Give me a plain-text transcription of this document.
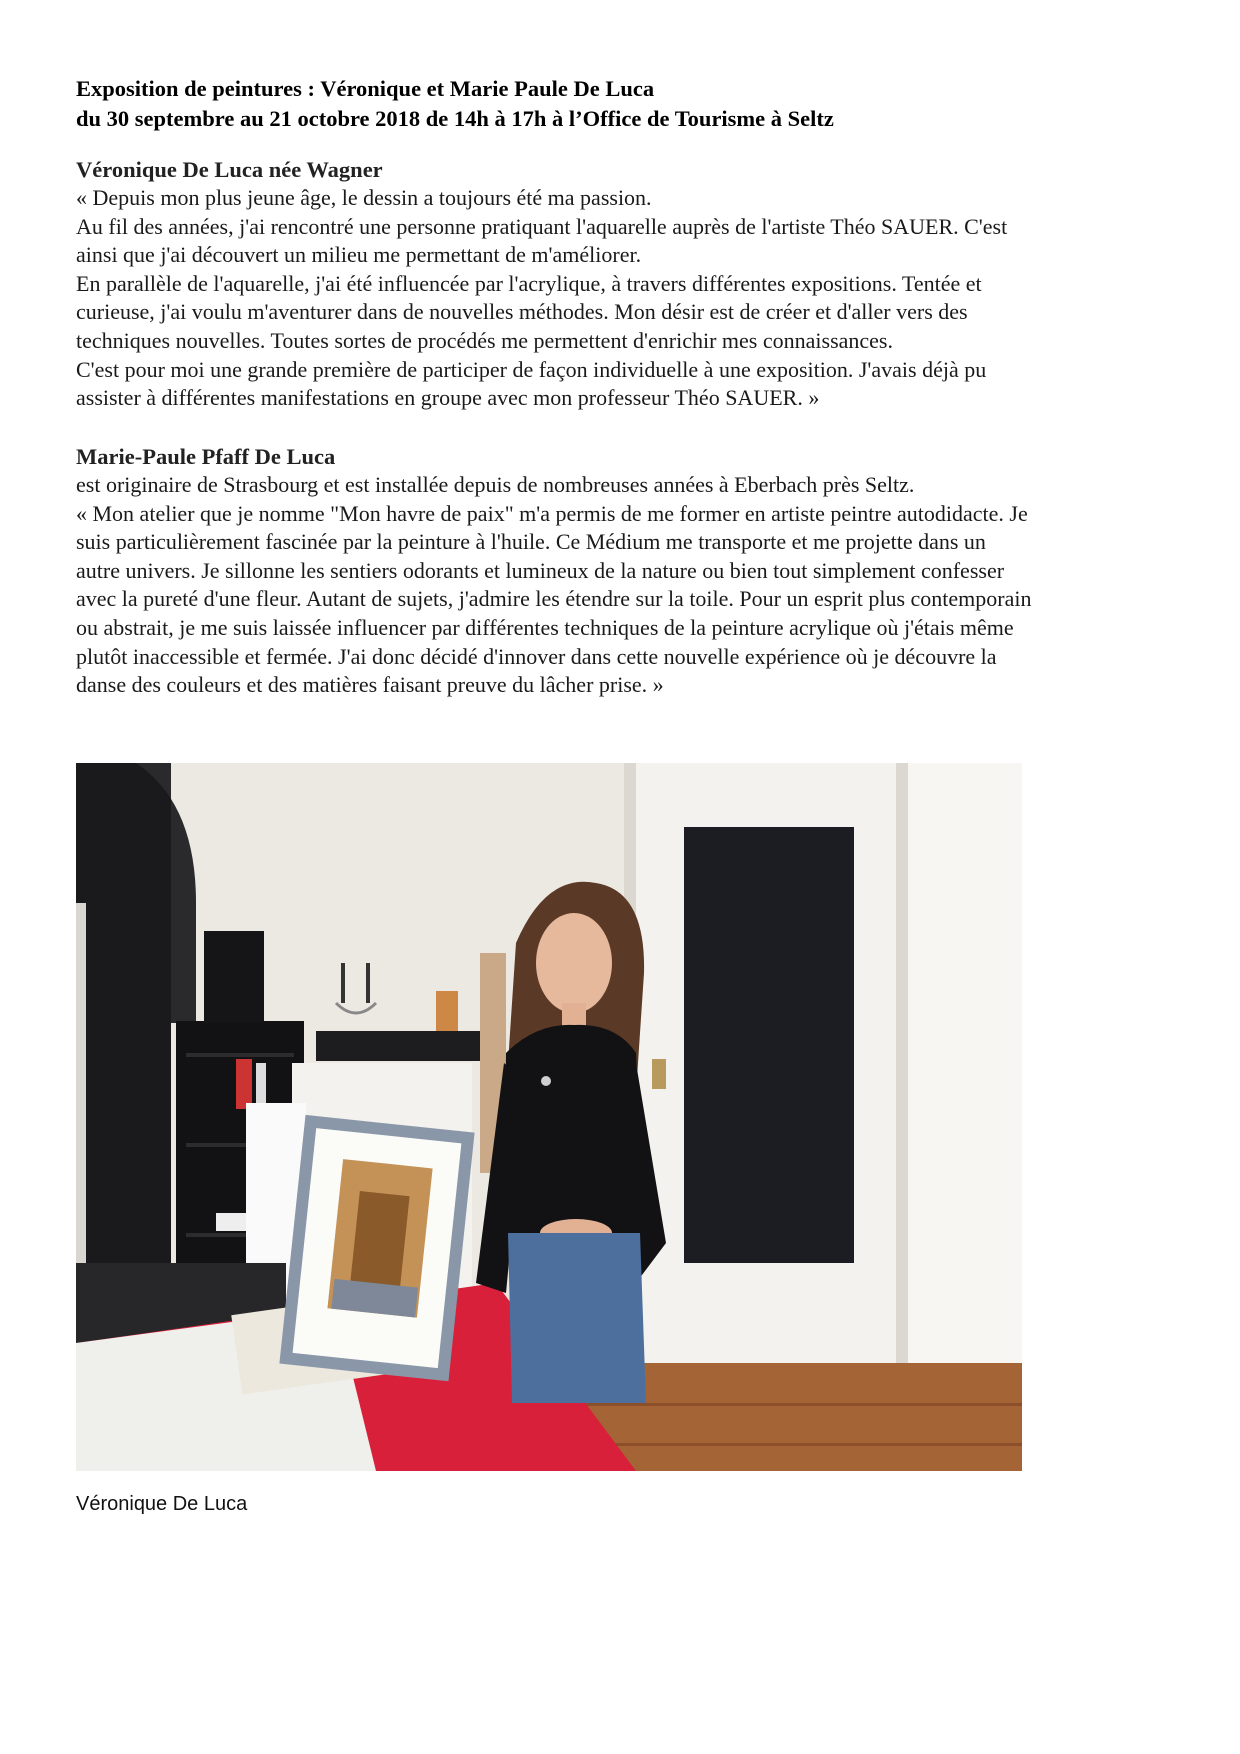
Exposition de peintures : Véronique et Marie Paule De Luca
du 30 septembre au 21 octobre 2018 de 14h à 17h à l’Office de Tourisme à Seltz
Véronique De Luca née Wagner
« Depuis mon plus jeune âge, le dessin a toujours été ma passion.
Au fil des années, j'ai rencontré une personne pratiquant l'aquarelle auprès de l'artiste Théo SAUER. C'est
ainsi que j'ai découvert un milieu me permettant de m'améliorer.
En parallèle de l'aquarelle, j'ai été influencée par l'acrylique, à travers différentes expositions. Tentée et
curieuse, j'ai voulu m'aventurer dans de nouvelles méthodes. Mon désir est de créer et d'aller vers des
techniques nouvelles. Toutes sortes de procédés me permettent d'enrichir mes connaissances.
C'est pour moi une grande première de participer de façon individuelle à une exposition. J'avais déjà pu
assister à différentes manifestations en groupe avec mon professeur Théo SAUER. »
Marie-Paule Pfaff De Luca
est originaire de Strasbourg et est installée depuis de nombreuses années à Eberbach près Seltz.
« Mon atelier que je nomme "Mon havre de paix" m'a permis de me former en artiste peintre autodidacte. Je
suis particulièrement fascinée par la peinture à l'huile. Ce Médium me transporte et me projette dans un
autre univers. Je sillonne les sentiers odorants et lumineux de la nature ou bien tout simplement confesser
avec la pureté d'une fleur. Autant de sujets, j'admire les étendre sur la toile. Pour un esprit plus contemporain
ou abstrait, je me suis laissée influencer par différentes techniques de la peinture acrylique où j'étais même
plutôt inaccessible et fermée. J'ai donc décidé d'innover dans cette nouvelle expérience où je découvre la
danse des couleurs et des matières faisant preuve du lâcher prise. »
Véronique De Luca
